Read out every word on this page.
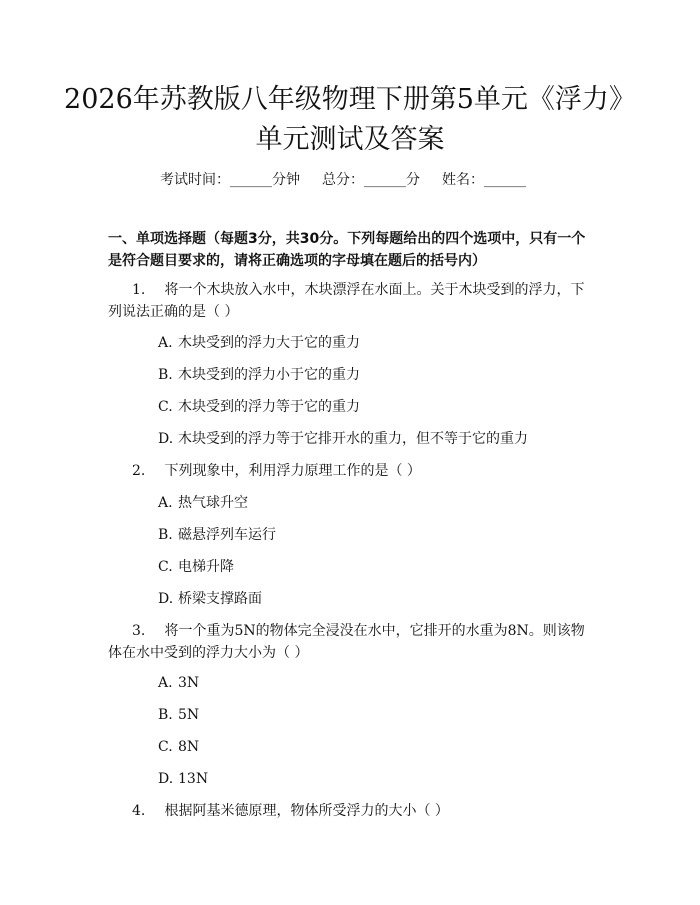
2026年苏教版八年级物理下册第5单元《浮力》单元测试及答案
考试时间：______分钟 总分：______分 姓名：______
一、单项选择题（每题3分，共30分。下列每题给出的四个选项中，只有一个是符合题目要求的，请将正确选项的字母填在题后的括号内）
1. 将一个木块放入水中，木块漂浮在水面上。关于木块受到的浮力，下列说法正确的是（ ）
A. 木块受到的浮力大于它的重力
B. 木块受到的浮力小于它的重力
C. 木块受到的浮力等于它的重力
D. 木块受到的浮力等于它排开水的重力，但不等于它的重力
2. 下列现象中，利用浮力原理工作的是（ ）
A. 热气球升空
B. 磁悬浮列车运行
C. 电梯升降
D. 桥梁支撑路面
3. 将一个重为5N的物体完全浸没在水中，它排开的水重为8N。则该物体在水中受到的浮力大小为（ ）
A. 3N
B. 5N
C. 8N
D. 13N
4. 根据阿基米德原理，物体所受浮力的大小（ ）
